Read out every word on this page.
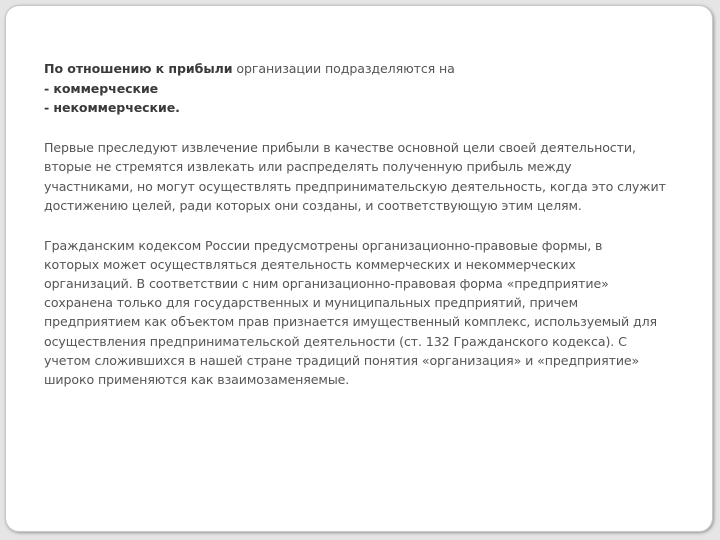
По отношению к прибыли организации подразделяются на
- коммерческие
- некоммерческие.

Первые преследуют извлечение прибыли в качестве основной цели своей деятельности,
вторые не стремятся извлекать или распределять полученную прибыль между
участниками, но могут осуществлять предпринимательскую деятельность, когда это служит
достижению целей, ради которых они созданы, и соответствующую этим целям.

Гражданским кодексом России предусмотрены организационно-правовые формы, в
которых может осуществляться деятельность коммерческих и некоммерческих
организаций. В соответствии с ним организационно-правовая форма «предприятие»
сохранена только для государственных и муниципальных предприятий, причем
предприятием как объектом прав признается имущественный комплекс, используемый для
осуществления предпринимательской деятельности (ст. 132 Гражданского кодекса). С
учетом сложившихся в нашей стране традиций понятия «организация» и «предприятие»
широко применяются как взаимозаменяемые.
